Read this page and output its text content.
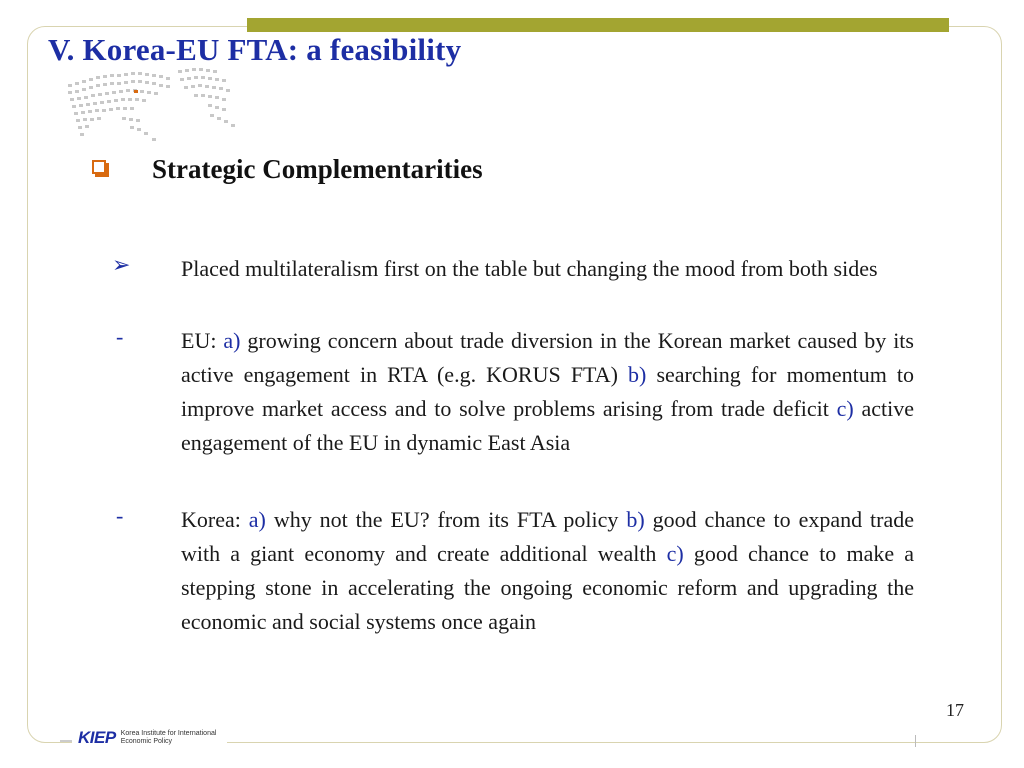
V. Korea-EU FTA: a feasibility
Strategic Complementarities
➢ Placed multilateralism first on the table but changing the mood from both sides

-	EU: a) growing concern about trade diversion in the Korean market caused by its active engagement in RTA (e.g. KORUS FTA) b) searching for momentum to improve market access and to solve problems arising from trade deficit c) active engagement of the EU in dynamic East Asia

-	Korea: a) why not the EU? from its FTA policy b) good chance to expand trade with a giant economy and create additional wealth c) good chance to make a stepping stone in accelerating the ongoing economic reform and upgrading the economic and social systems once again

17
KIEP Korea Institute for International
Economic Policy
